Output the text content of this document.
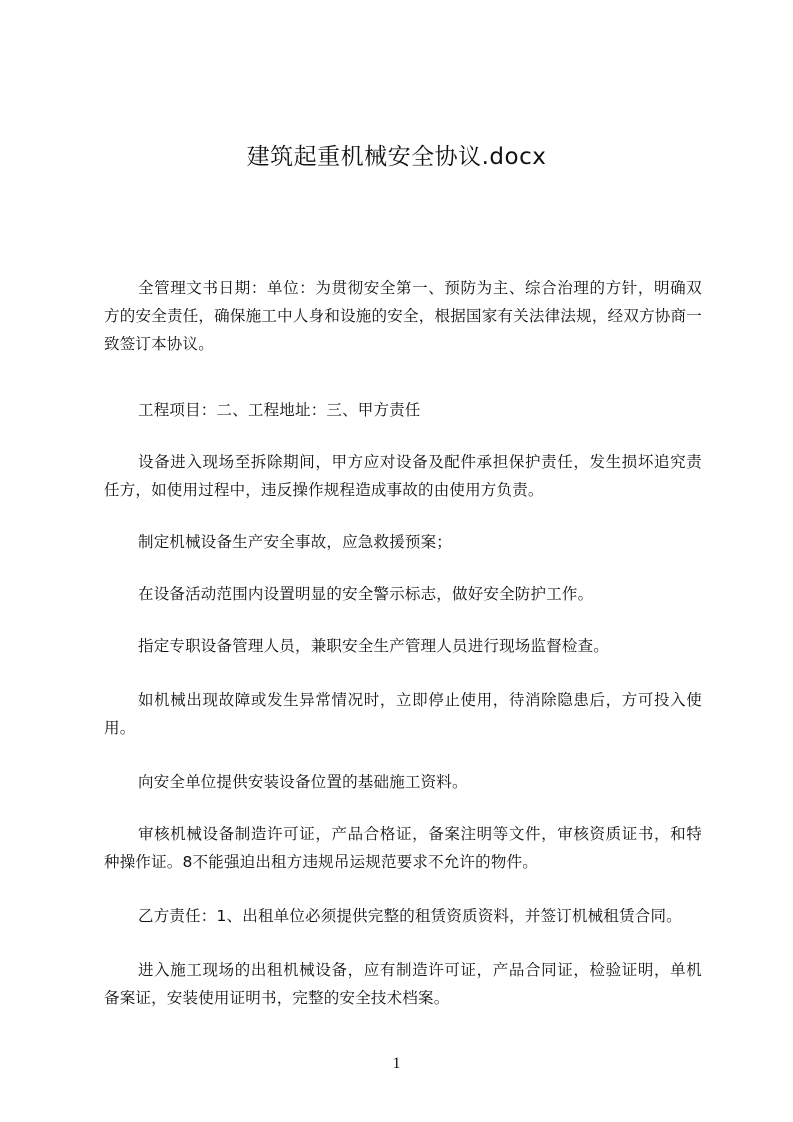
建筑起重机械安全协议.docx

全管理文书日期：单位：为贯彻安全第一、预防为主、综合治理的方针，明确双方的安全责任，确保施工中人身和设施的安全，根据国家有关法律法规，经双方协商一致签订本协议。

工程项目：二、工程地址：三、甲方责任

设备进入现场至拆除期间，甲方应对设备及配件承担保护责任，发生损坏追究责任方，如使用过程中，违反操作规程造成事故的由使用方负责。

制定机械设备生产安全事故，应急救援预案；

在设备活动范围内设置明显的安全警示标志，做好安全防护工作。

指定专职设备管理人员，兼职安全生产管理人员进行现场监督检查。

如机械出现故障或发生异常情况时，立即停止使用，待消除隐患后，方可投入使用。

向安全单位提供安装设备位置的基础施工资料。

审核机械设备制造许可证，产品合格证，备案注明等文件，审核资质证书，和特种操作证。8不能强迫出租方违规吊运规范要求不允许的物件。

乙方责任：1、出租单位必须提供完整的租赁资质资料，并签订机械租赁合同。

进入施工现场的出租机械设备，应有制造许可证，产品合同证，检验证明，单机备案证，安装使用证明书，完整的安全技术档案。

1
